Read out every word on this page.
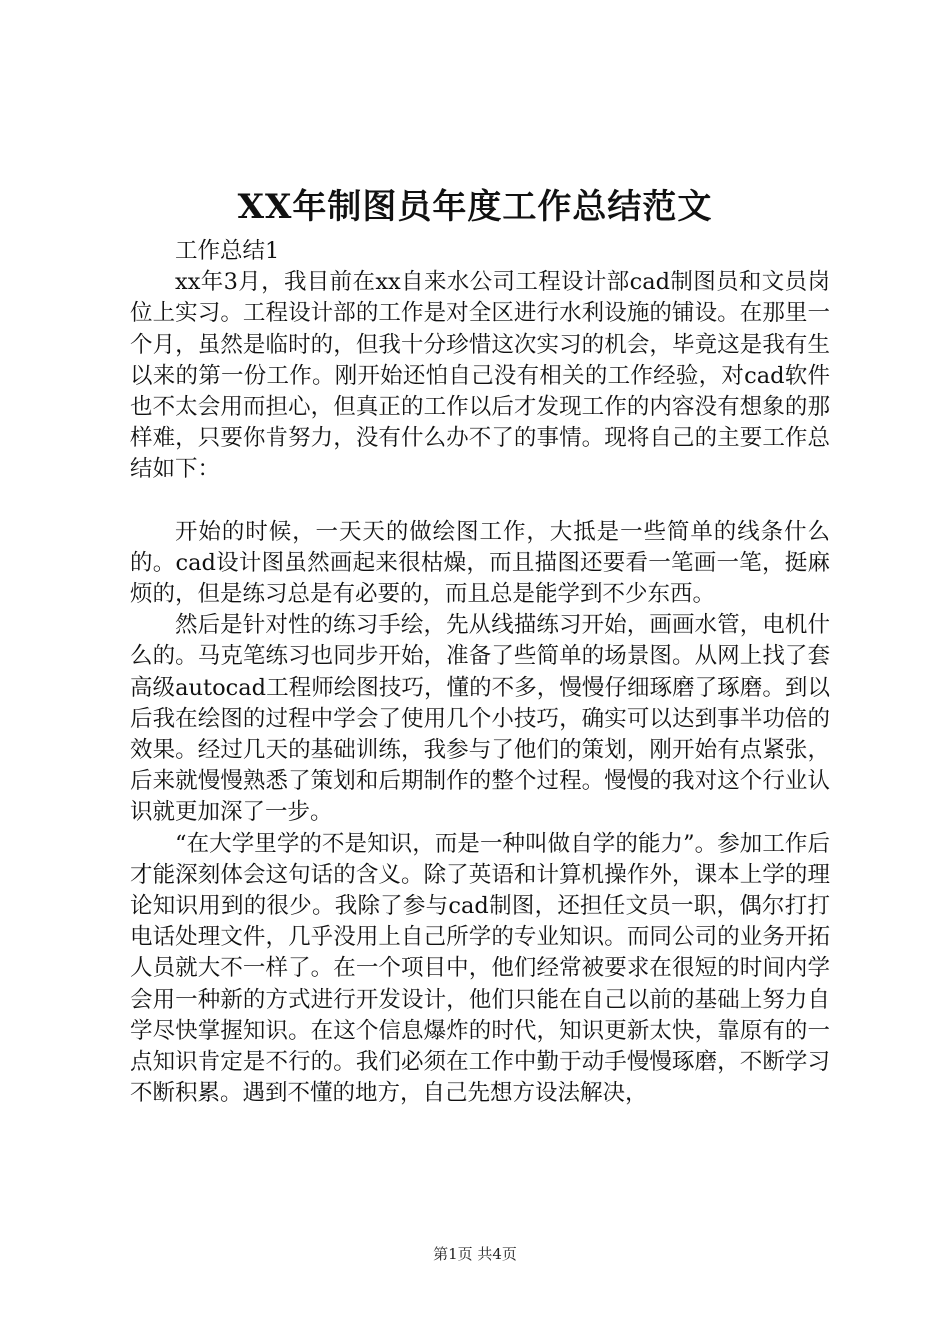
XX年制图员年度工作总结范文

工作总结1

xx年3月，我目前在xx自来水公司工程设计部cad制图员和文员岗位上实习。工程设计部的工作是对全区进行水利设施的铺设。在那里一个月，虽然是临时的，但我十分珍惜这次实习的机会，毕竟这是我有生以来的第一份工作。刚开始还怕自己没有相关的工作经验，对cad软件也不太会用而担心，但真正的工作以后才发现工作的内容没有想象的那样难，只要你肯努力，没有什么办不了的事情。现将自己的主要工作总结如下：

开始的时候，一天天的做绘图工作，大抵是一些简单的线条什么的。cad设计图虽然画起来很枯燥，而且描图还要看一笔画一笔，挺麻烦的，但是练习总是有必要的，而且总是能学到不少东西。

然后是针对性的练习手绘，先从线描练习开始，画画水管，电机什么的。马克笔练习也同步开始，准备了些简单的场景图。从网上找了套高级autocad工程师绘图技巧，懂的不多，慢慢仔细琢磨了琢磨。到以后我在绘图的过程中学会了使用几个小技巧，确实可以达到事半功倍的效果。经过几天的基础训练，我参与了他们的策划，刚开始有点紧张，后来就慢慢熟悉了策划和后期制作的整个过程。慢慢的我对这个行业认识就更加深了一步。

“在大学里学的不是知识，而是一种叫做自学的能力”。参加工作后才能深刻体会这句话的含义。除了英语和计算机操作外，课本上学的理论知识用到的很少。我除了参与cad制图，还担任文员一职，偶尔打打电话处理文件，几乎没用上自己所学的专业知识。而同公司的业务开拓人员就大不一样了。在一个项目中，他们经常被要求在很短的时间内学会用一种新的方式进行开发设计，他们只能在自己以前的基础上努力自学尽快掌握知识。在这个信息爆炸的时代，知识更新太快，靠原有的一点知识肯定是不行的。我们必须在工作中勤于动手慢慢琢磨，不断学习不断积累。遇到不懂的地方，自己先想方设法解决，

第1页 共4页
